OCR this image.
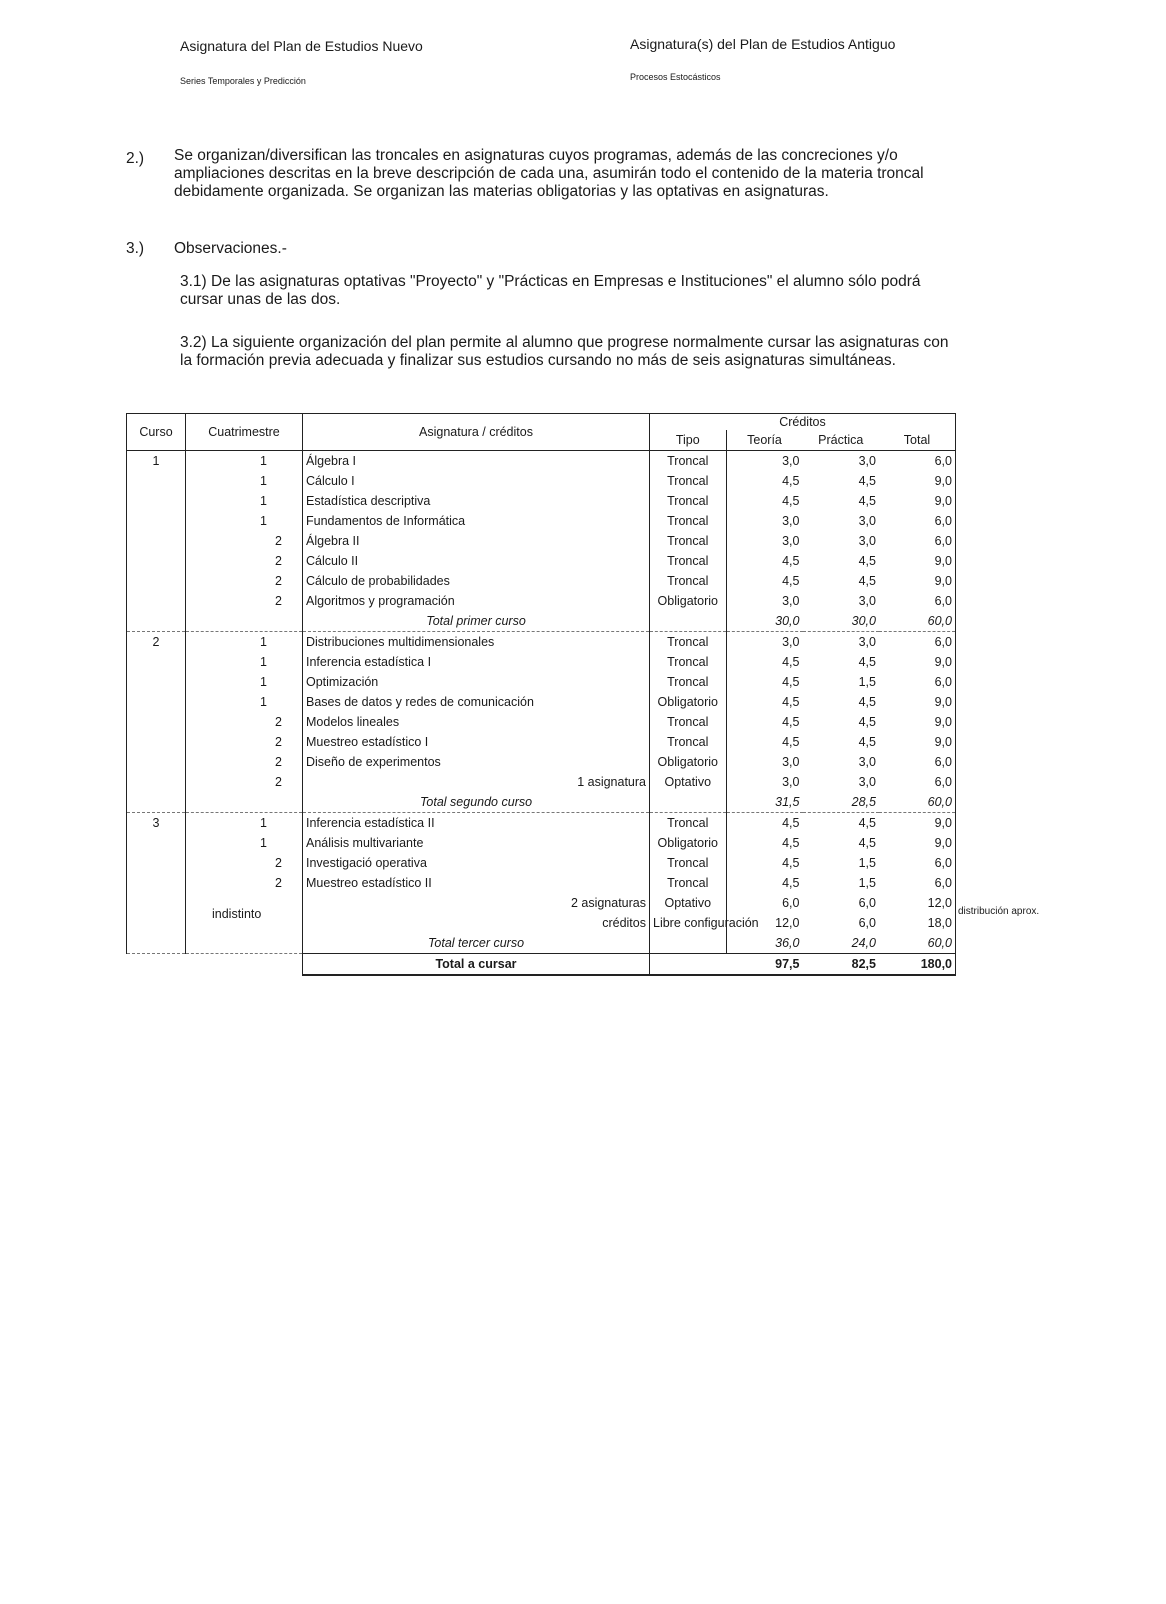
Asignatura del Plan de Estudios Nuevo	Asignatura(s) del Plan de Estudios Antiguo
Series Temporales y Predicción	Procesos Estocásticos
2.) Se organizan/diversifican las troncales en asignaturas cuyos programas, además de las concreciones y/o
ampliaciones descritas en la breve descripción de cada una, asumirán todo el contenido de la materia troncal
debidamente organizada. Se organizan las materias obligatorias y las optativas en asignaturas.
3.) Observaciones.-
3.1) De las asignaturas optativas "Proyecto" y "Prácticas en Empresas e Instituciones" el alumno sólo podrá
cursar unas de las dos.
3.2) La siguiente organización del plan permite al alumno que progrese normalmente cursar las asignaturas con
la formación previa adecuada y finalizar sus estudios cursando no más de seis asignaturas simultáneas.
Curso	Cuatrimestre	Asignatura / créditos	Créditos			
			Tipo	Teoría	Práctica	Total
1	1	Álgebra I	Troncal	3,0	3,0	6,0
	1	Cálculo I	Troncal	4,5	4,5	9,0
	1	Estadística descriptiva	Troncal	4,5	4,5	9,0
	1	Fundamentos de Informática	Troncal	3,0	3,0	6,0
	2	Álgebra II	Troncal	3,0	3,0	6,0
	2	Cálculo II	Troncal	4,5	4,5	9,0
	2	Cálculo de probabilidades	Troncal	4,5	4,5	9,0
	2	Algoritmos y programación	Obligatorio	3,0	3,0	6,0
		Total primer curso		30,0	30,0	60,0
2	1	Distribuciones multidimensionales	Troncal	3,0	3,0	6,0
	1	Inferencia estadística I	Troncal	4,5	4,5	9,0
	1	Optimización	Troncal	4,5	1,5	6,0
	1	Bases de datos y redes de comunicación	Obligatorio	4,5	4,5	9,0
	2	Modelos lineales	Troncal	4,5	4,5	9,0
	2	Muestreo estadístico I	Troncal	4,5	4,5	9,0
	2	Diseño de experimentos	Obligatorio	3,0	3,0	6,0
	2	1 asignatura	Optativo	3,0	3,0	6,0
		Total segundo curso		31,5	28,5	60,0
3	1	Inferencia estadística II	Troncal	4,5	4,5	9,0
	1	Análisis multivariante	Obligatorio	4,5	4,5	9,0
	2	Investigació operativa	Troncal	4,5	1,5	6,0
	2	Muestreo estadístico II	Troncal	4,5	1,5	6,0
		2 asignaturas	Optativo	6,0	6,0	12,0
		créditos	Libre configuración	12,0	6,0	18,0
		Total tercer curso		36,0	24,0	60,0
		Total a cursar		97,5	82,5	180,0
distribución aprox.
indistinto
